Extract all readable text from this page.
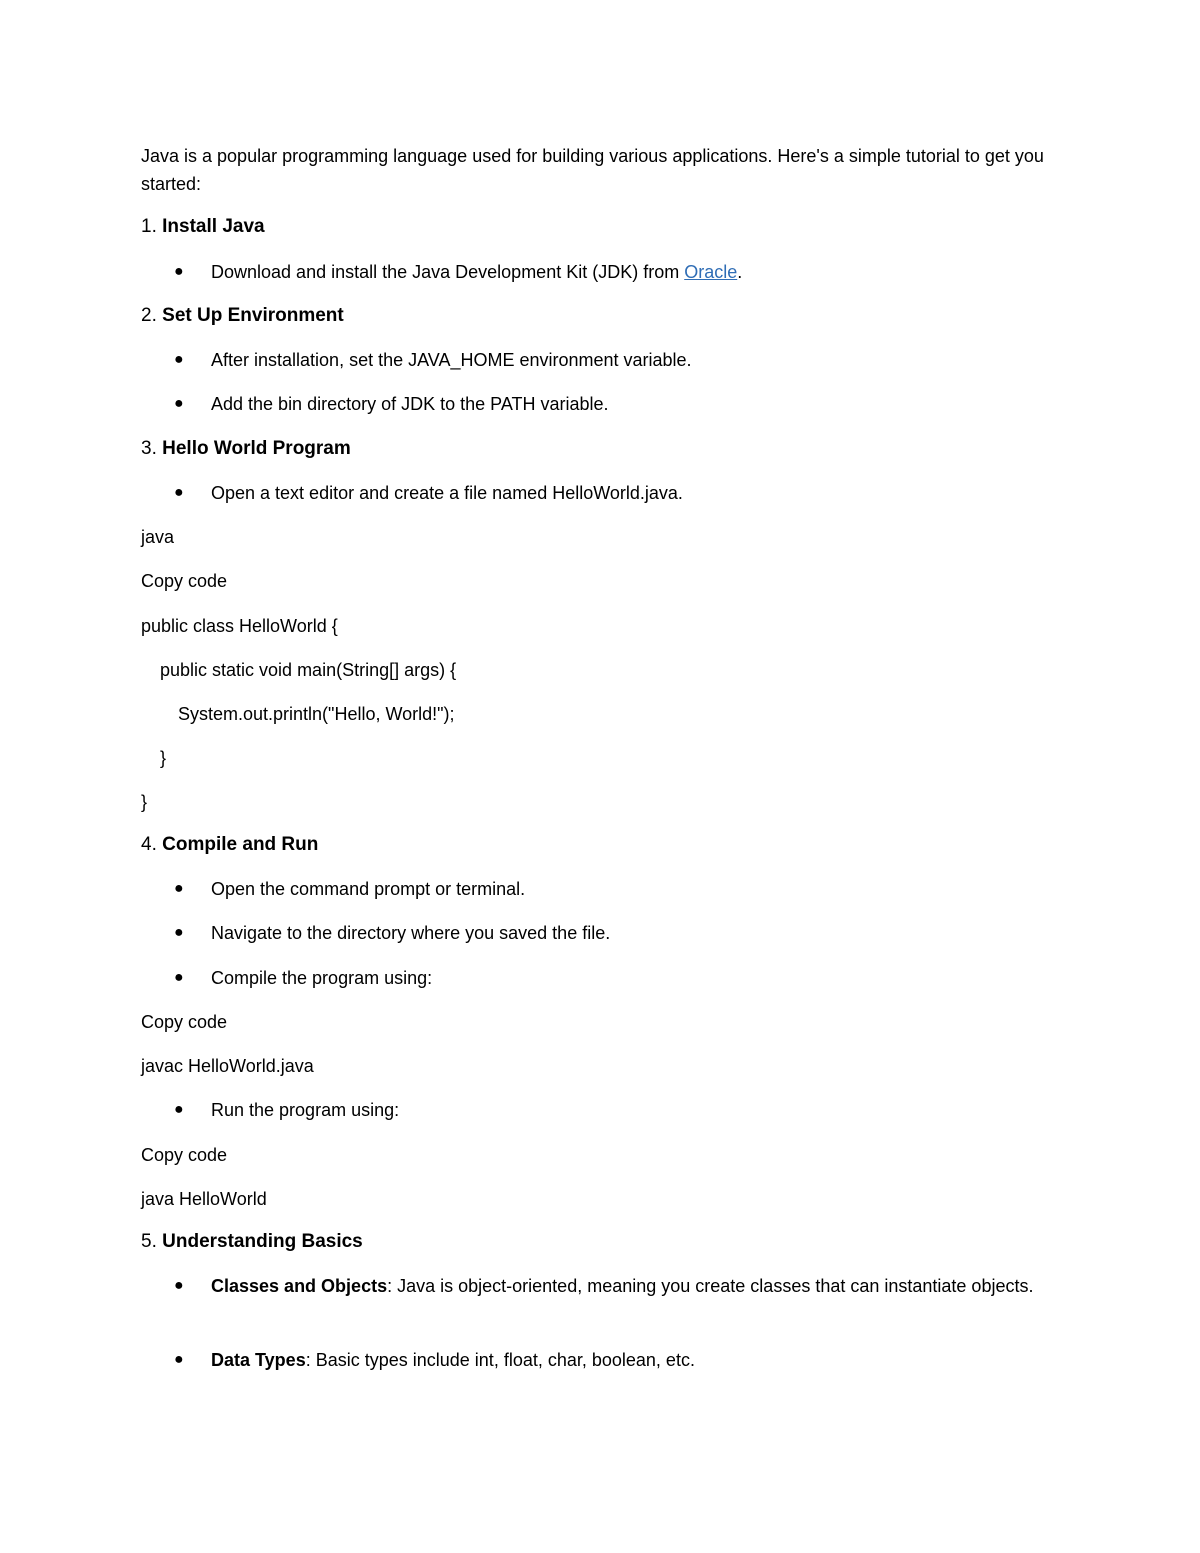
Java is a popular programming language used for building various applications. Here's a simple tutorial to get you started:
1. Install Java
●	Download and install the Java Development Kit (JDK) from Oracle.
2. Set Up Environment
●	After installation, set the JAVA_HOME environment variable.
●	Add the bin directory of JDK to the PATH variable.
3. Hello World Program
●	Open a text editor and create a file named HelloWorld.java.
java
Copy code
public class HelloWorld {
public static void main(String[] args) {
System.out.println("Hello, World!");
}
}
4. Compile and Run
●	Open the command prompt or terminal.
●	Navigate to the directory where you saved the file.
●	Compile the program using:
Copy code
javac HelloWorld.java
●	Run the program using:
Copy code
java HelloWorld
5. Understanding Basics
●	Classes and Objects: Java is object-oriented, meaning you create classes that can instantiate objects.
●	Data Types: Basic types include int, float, char, boolean, etc.
